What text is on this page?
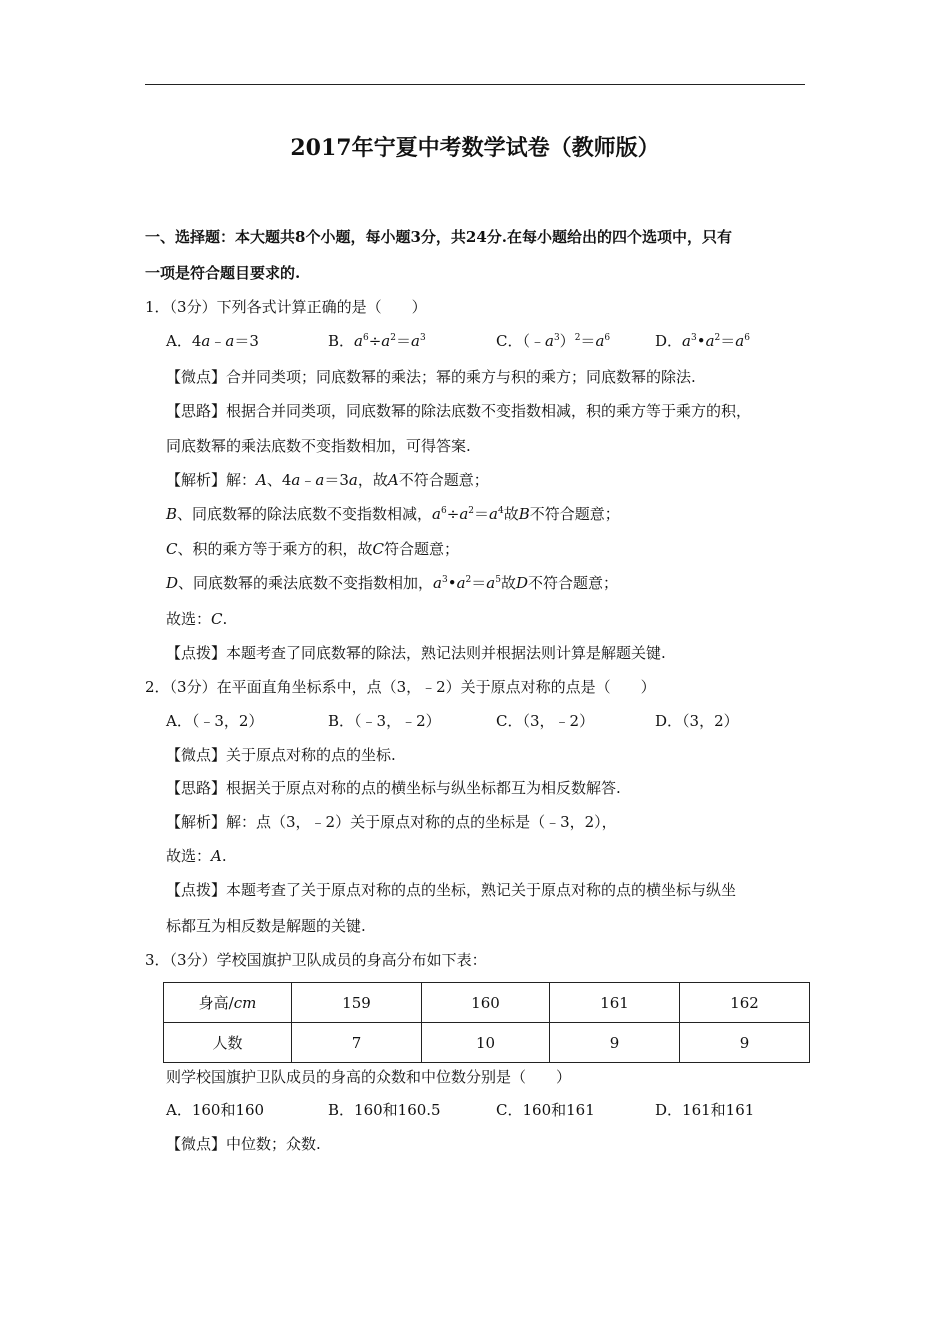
2017年宁夏中考数学试卷（教师版）
一、选择题：本大题共8个小题，每小题3分，共24分.在每小题给出的四个选项中，只有
一项是符合题目要求的.
1．（3分）下列各式计算正确的是（　　）
A．4a﹣a＝3	B．$a^6\div a^2=a^3$	C．$(﹣a^3)^2=a^6$	D．$a^3•a^2=a^6$
【微点】合并同类项；同底数幂的乘法；幂的乘方与积的乘方；同底数幂的除法.
【思路】根据合并同类项，同底数幂的除法底数不变指数相减，积的乘方等于乘方的积，
同底数幂的乘法底数不变指数相加，可得答案.
【解析】解：A、4a﹣a＝3a，故A不符合题意；
B、同底数幂的除法底数不变指数相减，$a^6\div a^2=a^4$故B不符合题意；
C、积的乘方等于乘方的积，故C符合题意；
D、同底数幂的乘法底数不变指数相加，$a^3•a^2=a^5$故D不符合题意；
故选：C.
【点拨】本题考查了同底数幂的除法，熟记法则并根据法则计算是解题关键.
2．（3分）在平面直角坐标系中，点（3，﹣2）关于原点对称的点是（　　）
A．（﹣3，2）	B．（﹣3，﹣2）	C．（3，﹣2）	D．（3，2）
【微点】关于原点对称的点的坐标.
【思路】根据关于原点对称的点的横坐标与纵坐标都互为相反数解答.
【解析】解：点（3，﹣2）关于原点对称的点的坐标是（﹣3，2），
故选：A.
【点拨】本题考查了关于原点对称的点的坐标，熟记关于原点对称的点的横坐标与纵坐
标都互为相反数是解题的关键.
3．（3分）学校国旗护卫队成员的身高分布如下表：
身高/cm	159	160	161	162
人数	7	10	9	9
则学校国旗护卫队成员的身高的众数和中位数分别是（　　）
A．160和160	B．160和160.5	C．160和161	D．161和161
【微点】中位数；众数.
